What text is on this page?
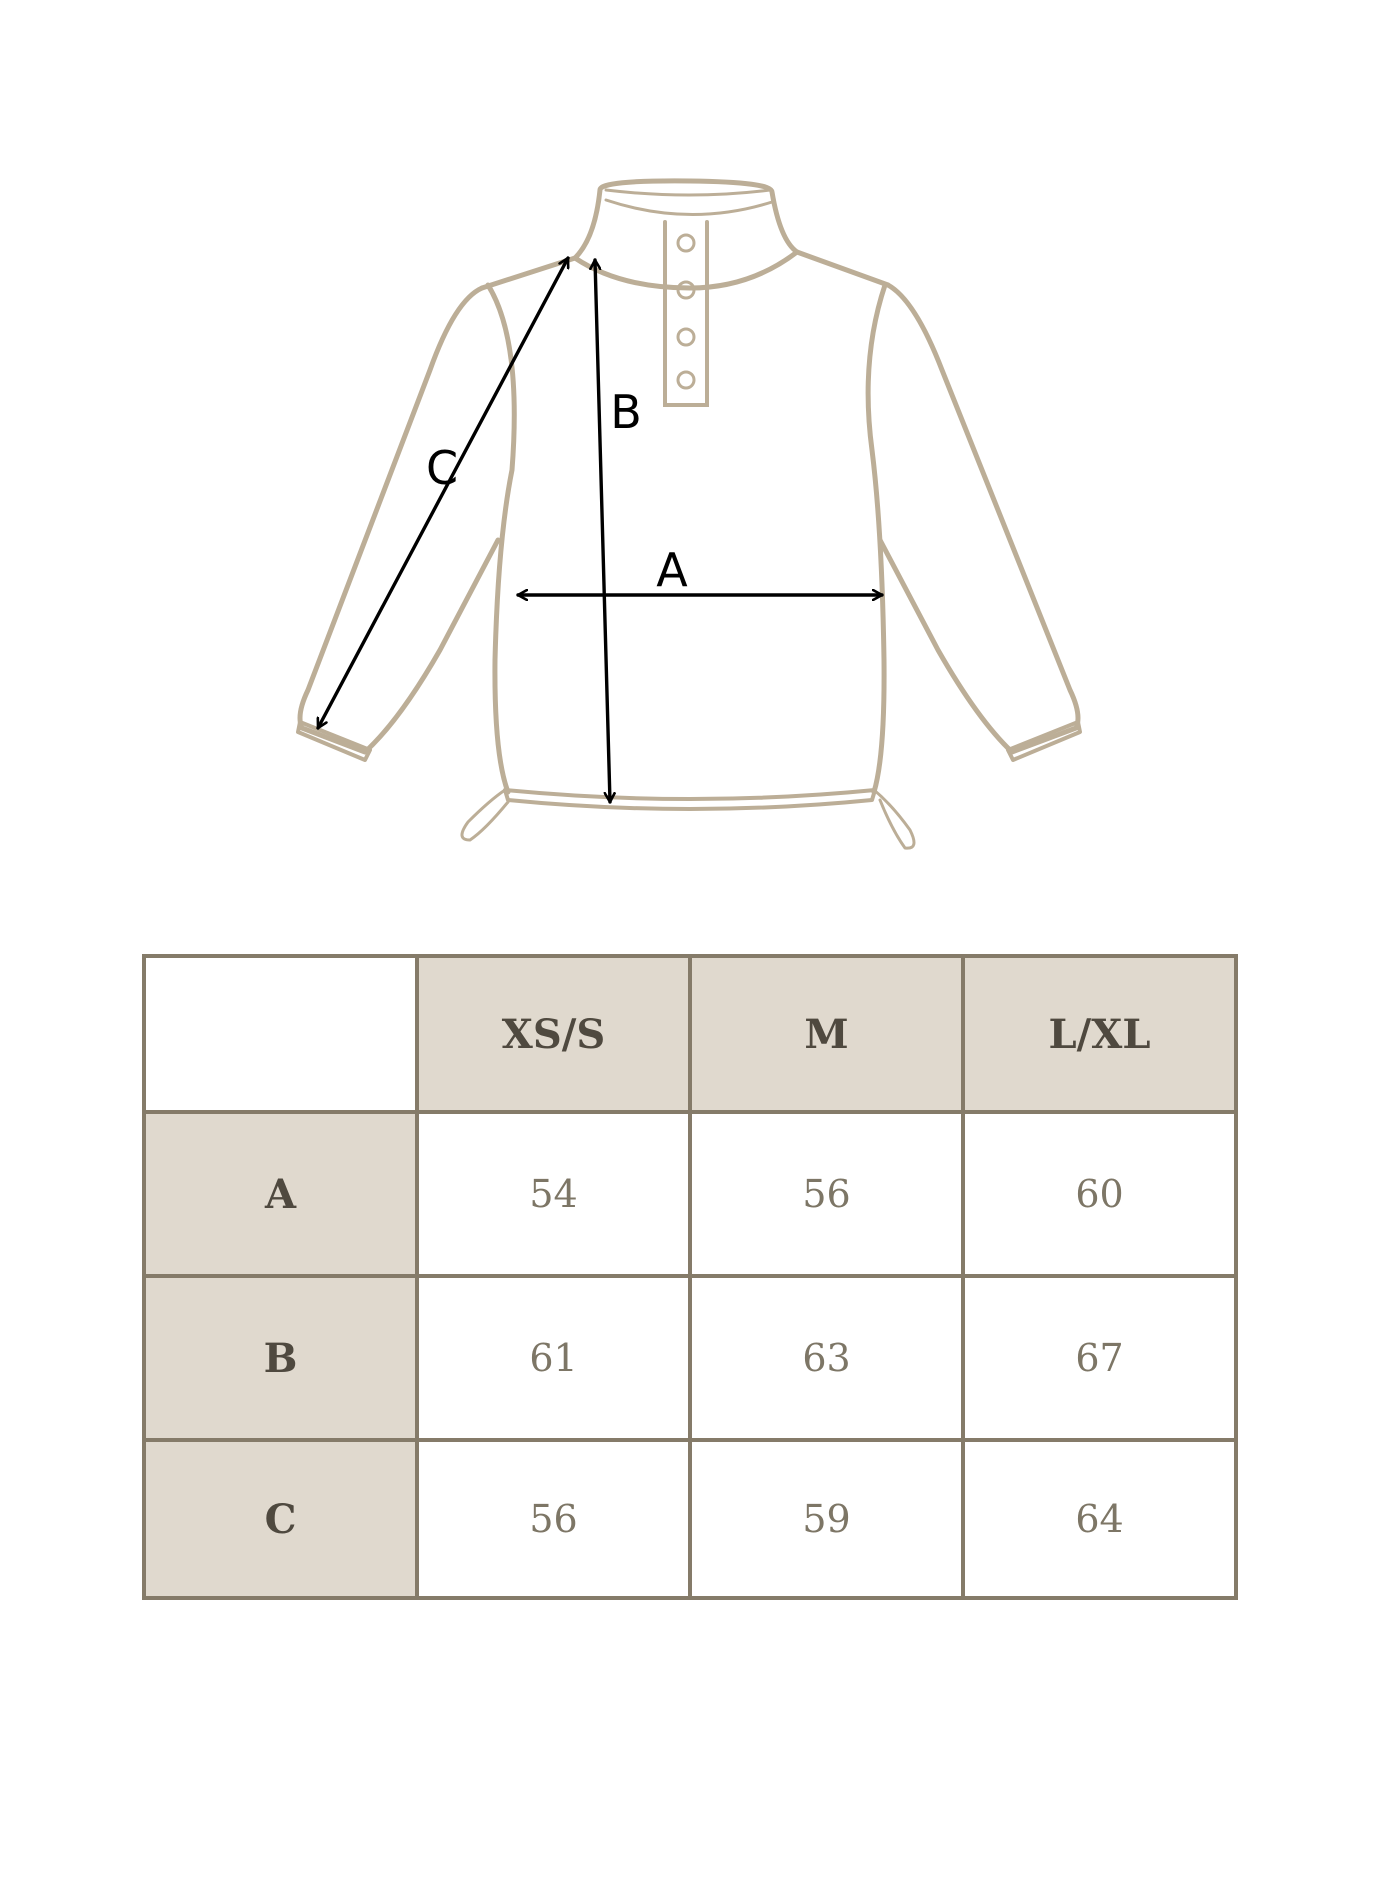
A
B
C
	XS/S	M	L/XL
A	54	56	60
B	61	63	67
C	56	59	64
